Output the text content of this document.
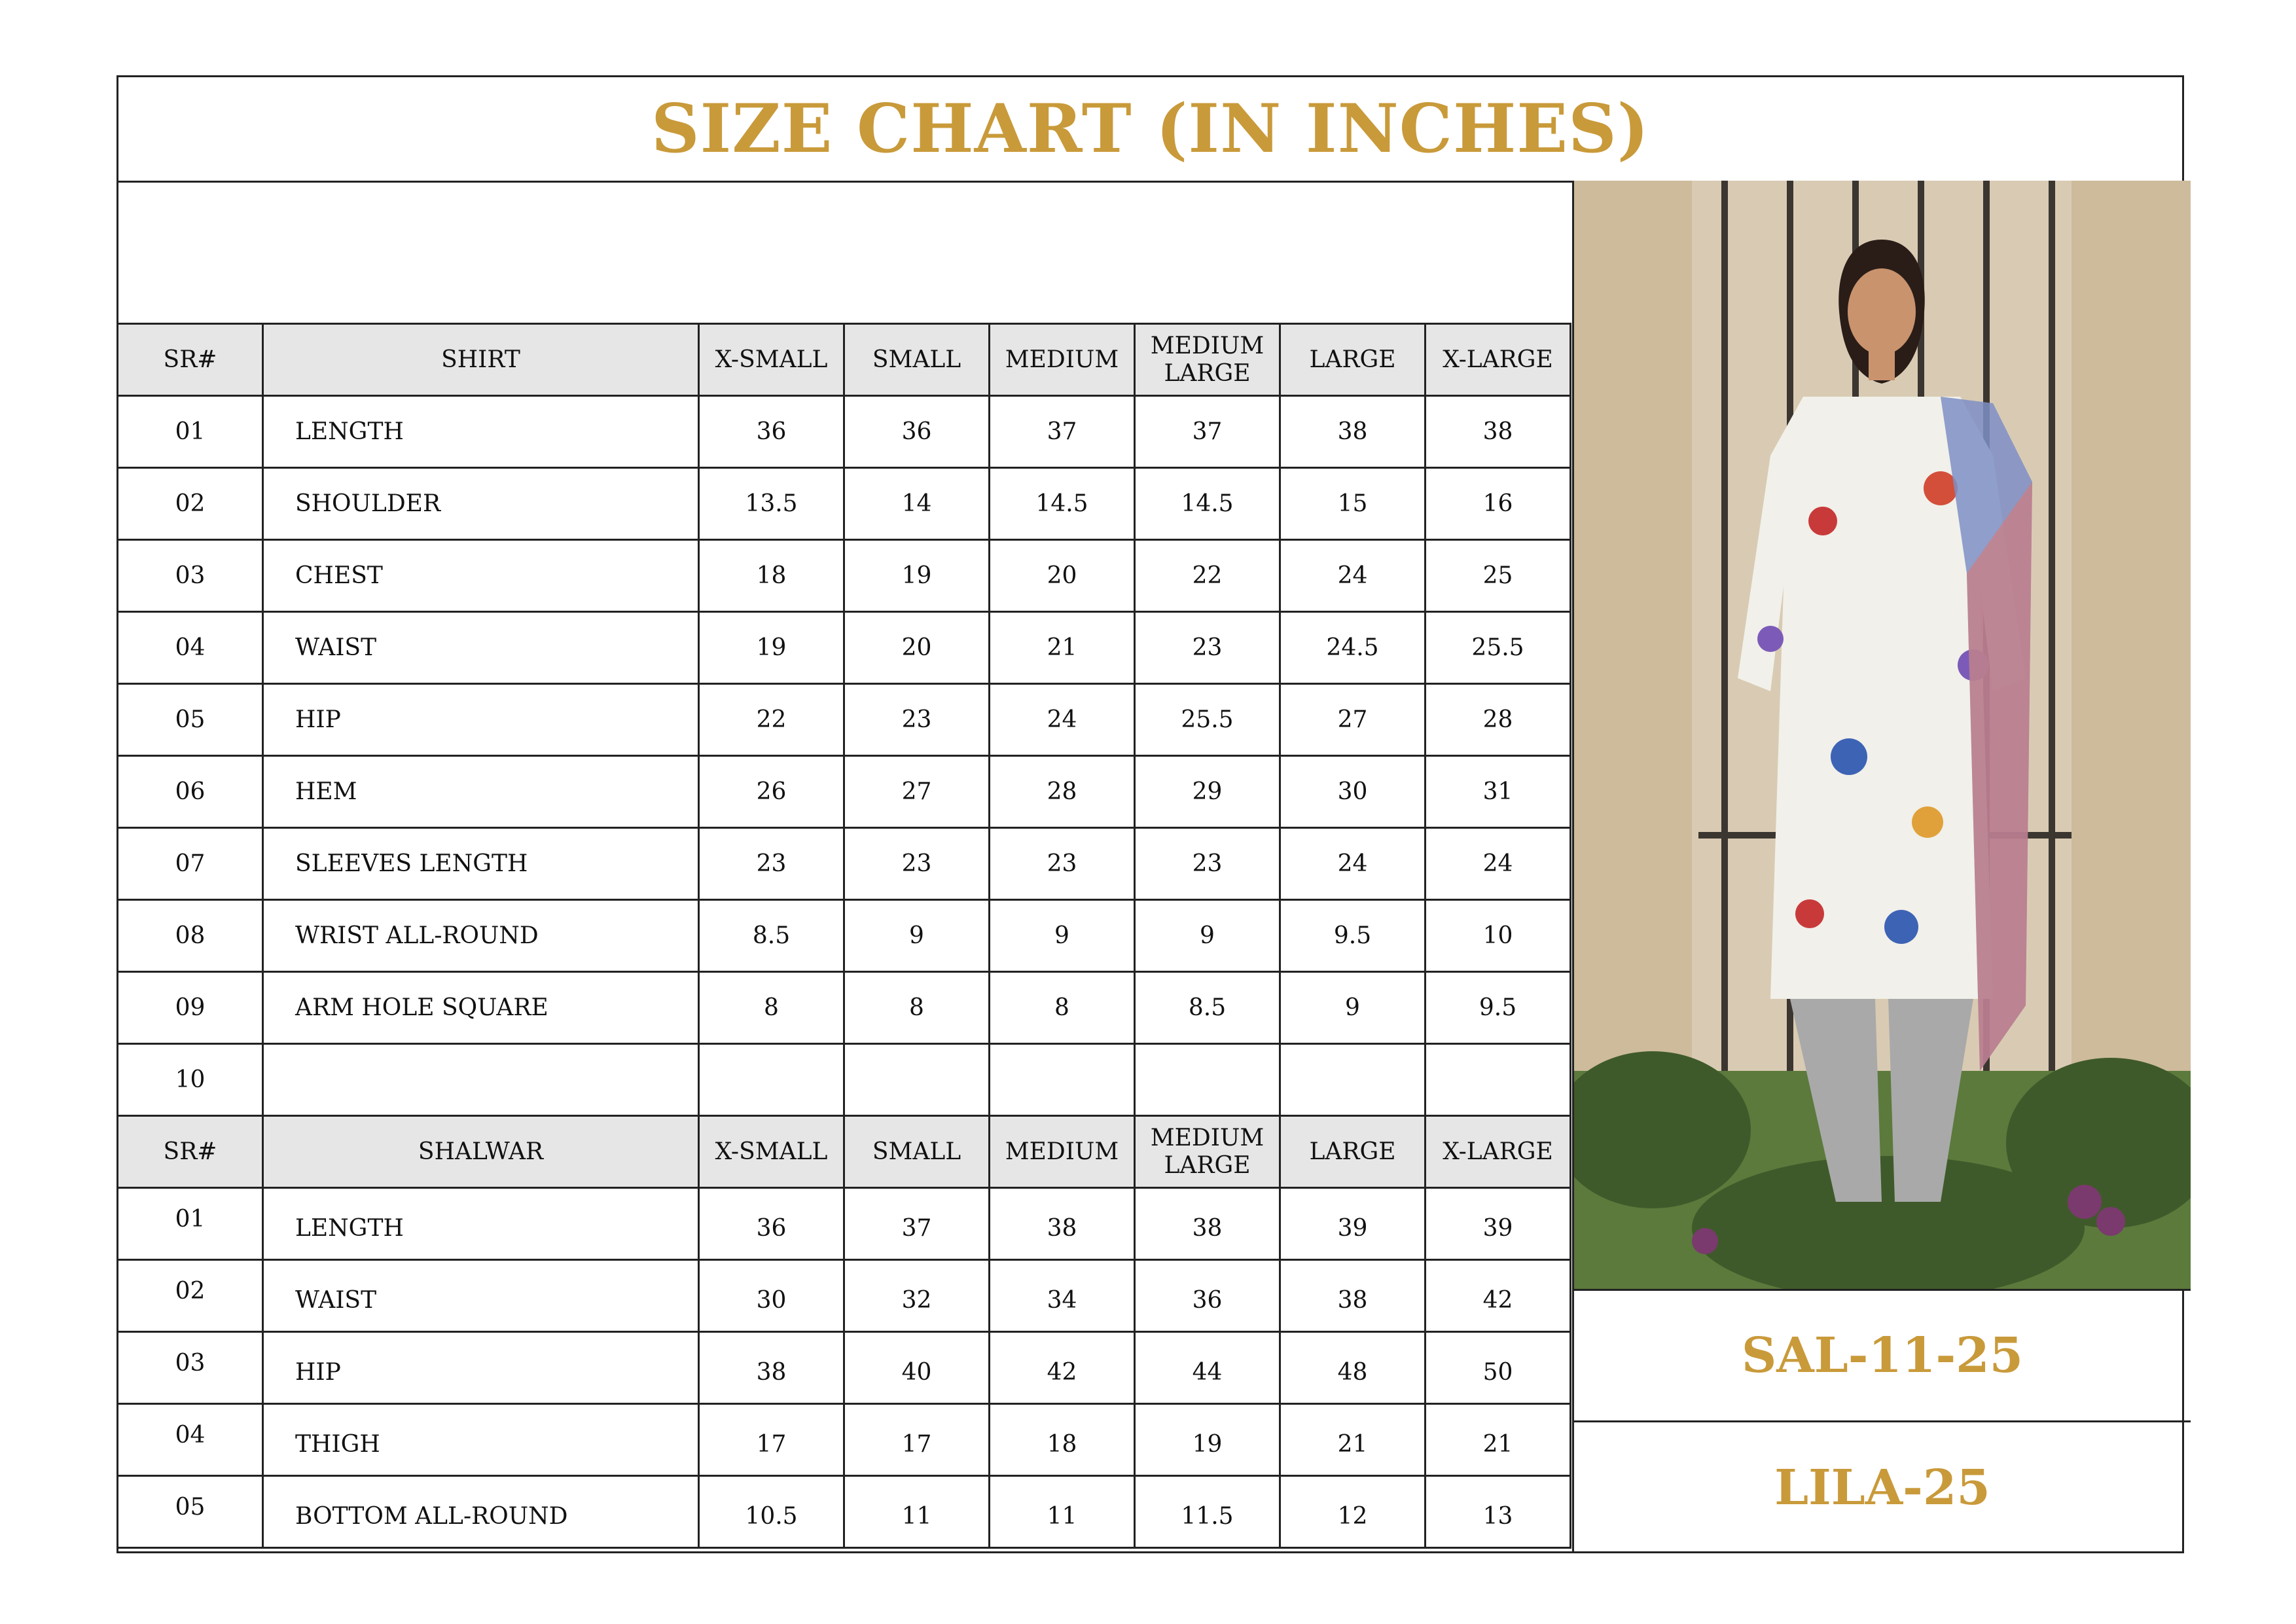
SIZE CHART (IN INCHES)
SR#	SHIRT	X-SMALL	SMALL	MEDIUM	MEDIUM LARGE	LARGE	X-LARGE
01	LENGTH	36	36	37	37	38	38
02	SHOULDER	13.5	14	14.5	14.5	15	16
03	CHEST	18	19	20	22	24	25
04	WAIST	19	20	21	23	24.5	25.5
05	HIP	22	23	24	25.5	27	28
06	HEM	26	27	28	29	30	31
07	SLEEVES LENGTH	23	23	23	23	24	24
08	WRIST ALL-ROUND	8.5	9	9	9	9.5	10
09	ARM HOLE SQUARE	8	8	8	8.5	9	9.5
10							
SR#	SHALWAR	X-SMALL	SMALL	MEDIUM	MEDIUM LARGE	LARGE	X-LARGE
01	LENGTH	36	37	38	38	39	39
02	WAIST	30	32	34	36	38	42
03	HIP	38	40	42	44	48	50
04	THIGH	17	17	18	19	21	21
05	BOTTOM ALL-ROUND	10.5	11	11	11.5	12	13
SAL-11-25
LILA-25
